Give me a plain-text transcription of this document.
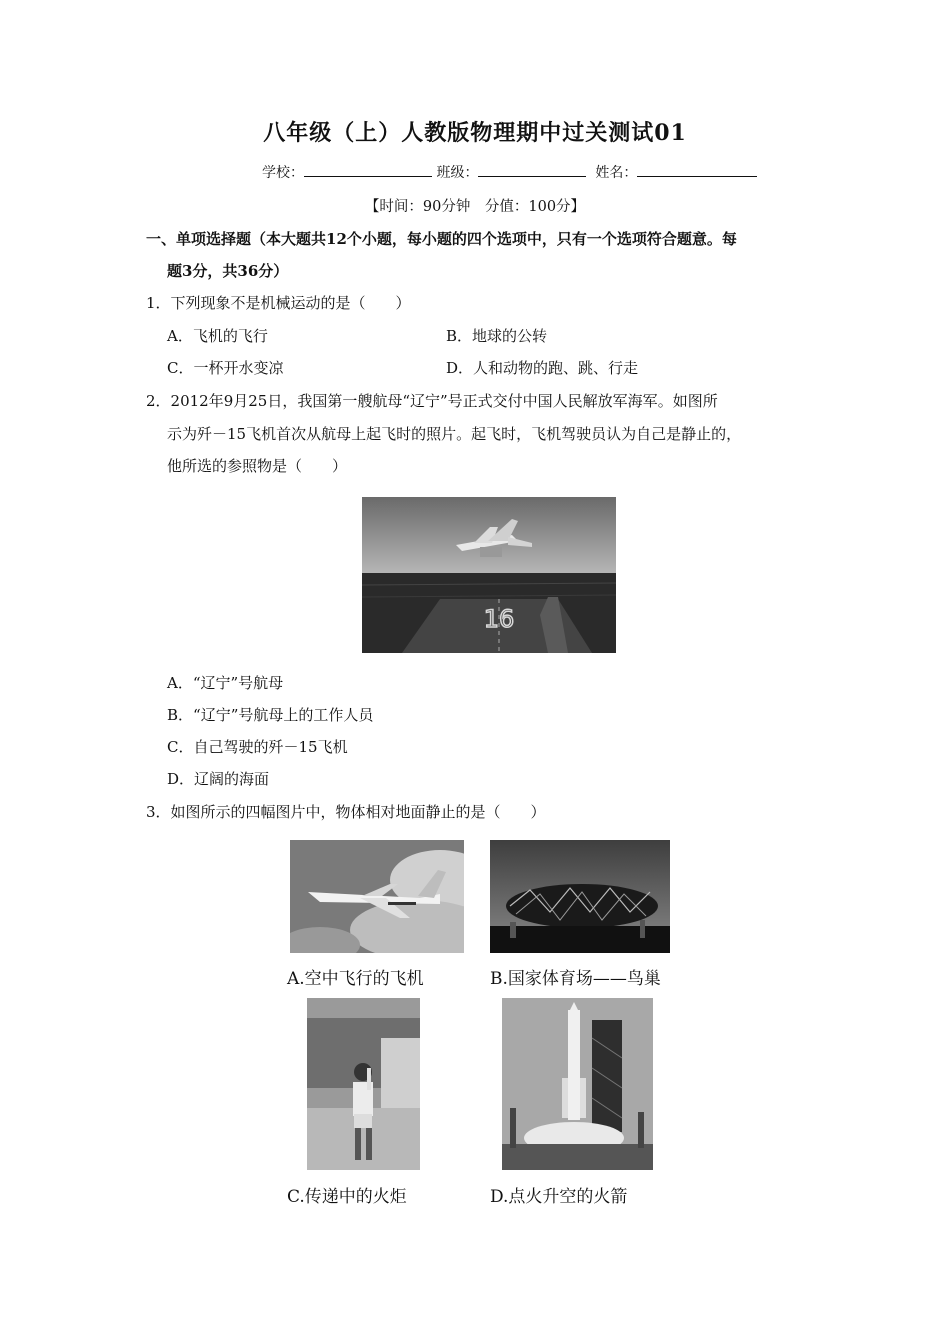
八年级（上）人教版物理期中过关测试01
学校：	班级：	姓名：
【时间：90分钟　分值：100分】
一、单项选择题（本大题共12个小题，每小题的四个选项中，只有一个选项符合题意。每
题3分，共36分）
1．下列现象不是机械运动的是（　　）
A．飞机的飞行	B．地球的公转
C．一杯开水变凉	D．人和动物的跑、跳、行走
2．2012年9月25日，我国第一艘航母“辽宁”号正式交付中国人民解放军海军。如图所
示为歼－15飞机首次从航母上起飞时的照片。起飞时，飞机驾驶员认为自己是静止的，
他所选的参照物是（　　）
16
A．“辽宁”号航母
B．“辽宁”号航母上的工作人员
C．自己驾驶的歼－15飞机
D．辽阔的海面
3．如图所示的四幅图片中，物体相对地面静止的是（　　）
A.空中飞行的飞机	B.国家体育场——鸟巢
C.传递中的火炬	D.点火升空的火箭
